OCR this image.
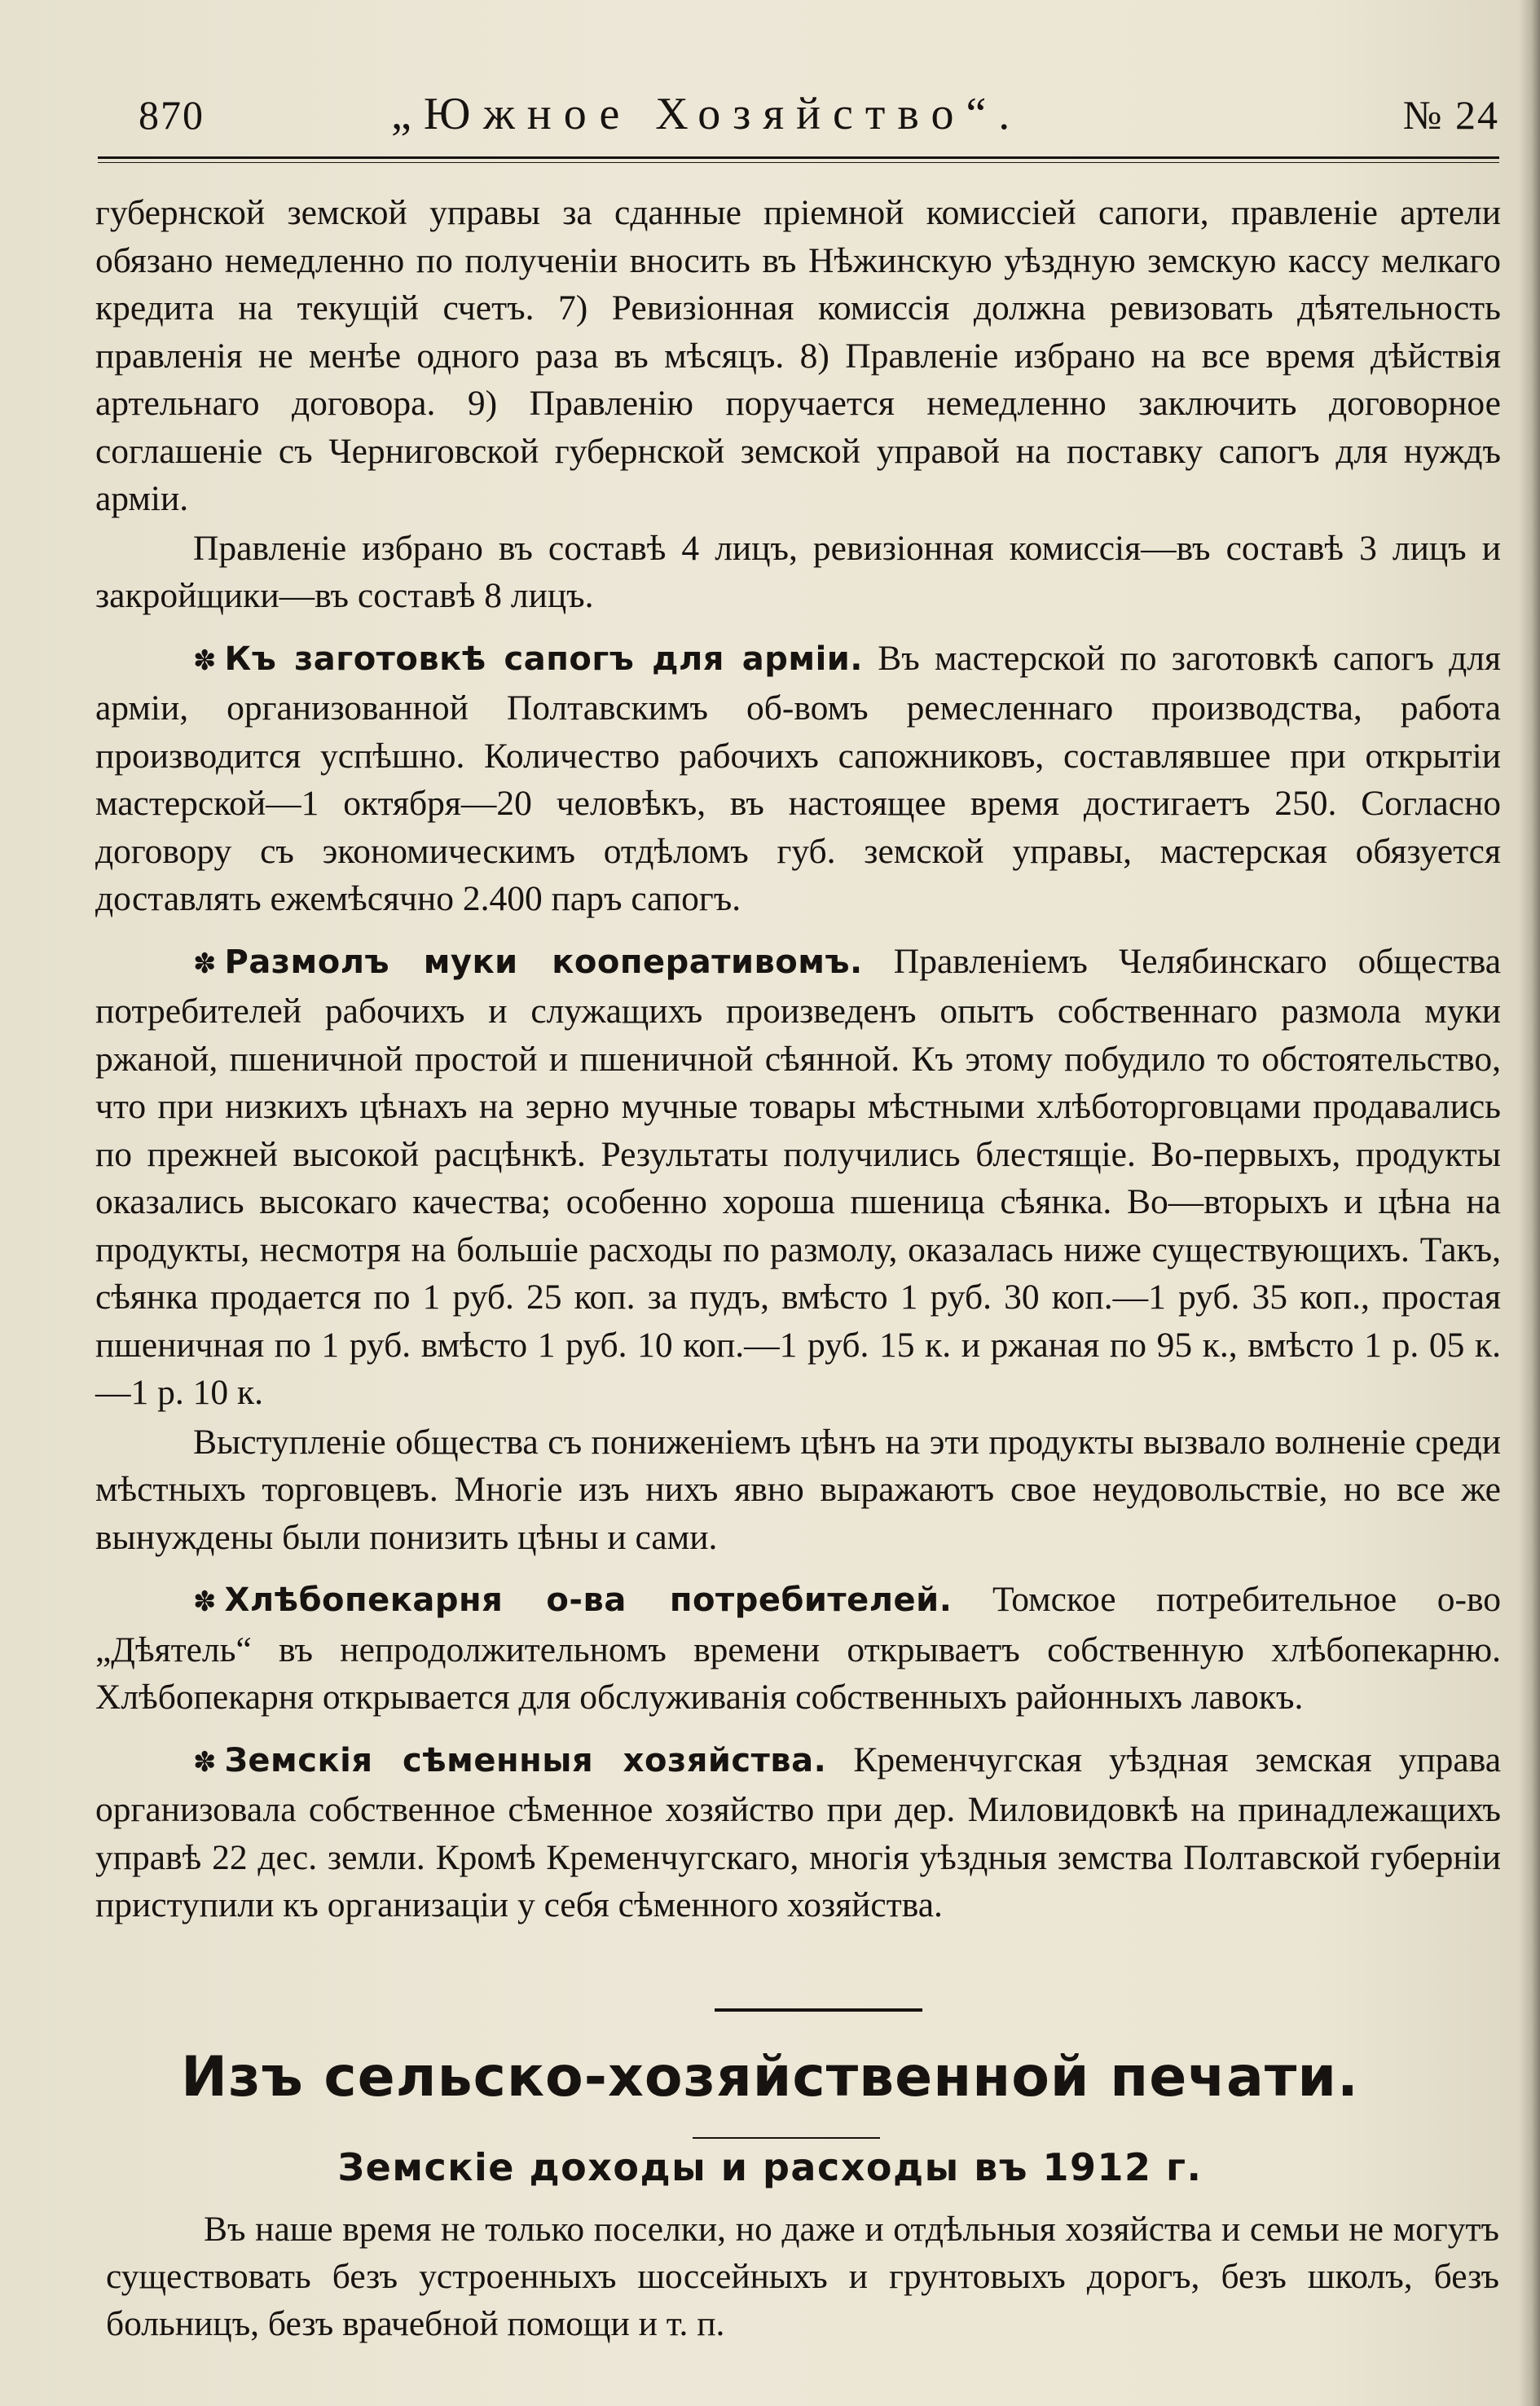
870	„Южное Хозяйство“.	№ 24

губернской земской управы за сданные пріемной комиссіей сапоги, правленіе артели обязано немедленно по полученіи вносить въ Нѣжинскую уѣздную земскую кассу мелкаго кредита на текущій счетъ. 7) Ревизіонная комиссія должна ревизовать дѣятельность правленія не менѣе одного раза въ мѣсяцъ. 8) Правленіе избрано на все время дѣйствія артельнаго договора. 9) Правленію поручается немедленно заключить договорное соглашеніе съ Черниговской губернской земской управой на поставку сапогъ для нуждъ арміи.

Правленіе избрано въ составѣ 4 лицъ, ревизіонная комиссія—въ составѣ 3 лицъ и закройщики—въ составѣ 8 лицъ.

✽ Къ заготовкѣ сапогъ для арміи. Въ мастерской по заготовкѣ сапогъ для арміи, организованной Полтавскимъ об-вомъ ремесленнаго производства, работа производится успѣшно. Количество рабочихъ сапожниковъ, составлявшее при открытіи мастерской—1 октября—20 человѣкъ, въ настоящее время достигаетъ 250. Согласно договору съ экономическимъ отдѣломъ губ. земской управы, мастерская обязуется доставлять ежемѣсячно 2.400 паръ сапогъ.

✽ Размолъ муки кооперативомъ. Правленіемъ Челябинскаго общества потребителей рабочихъ и служащихъ произведенъ опытъ собственнаго размола муки ржаной, пшеничной простой и пшеничной сѣянной. Къ этому побудило то обстоятельство, что при низкихъ цѣнахъ на зерно мучные товары мѣстными хлѣботорговцами продавались по прежней высокой расцѣнкѣ. Результаты получились блестящіе. Во-первыхъ, продукты оказались высокаго качества; особенно хороша пшеница сѣянка. Во—вторыхъ и цѣна на продукты, несмотря на большіе расходы по размолу, оказалась ниже существующихъ. Такъ, сѣянка продается по 1 руб. 25 коп. за пудъ, вмѣсто 1 руб. 30 коп.—1 руб. 35 коп., простая пшеничная по 1 руб. вмѣсто 1 руб. 10 коп.—1 руб. 15 к. и ржаная по 95 к., вмѣсто 1 р. 05 к.—1 р. 10 к.

Выступленіе общества съ пониженіемъ цѣнъ на эти продукты вызвало волненіе среди мѣстныхъ торговцевъ. Многіе изъ нихъ явно выражаютъ свое неудовольствіе, но все же вынуждены были понизить цѣны и сами.

✽ Хлѣбопекарня о-ва потребителей. Томское потребительное о-во „Дѣятель“ въ непродолжительномъ времени открываетъ собственную хлѣбопекарню. Хлѣбопекарня открывается для обслуживанія собственныхъ районныхъ лавокъ.

✽ Земскія сѣменныя хозяйства. Кременчугская уѣздная земская управа организовала собственное сѣменное хозяйство при дер. Миловидовкѣ на принадлежащихъ управѣ 22 дес. земли. Кромѣ Кременчугскаго, многія уѣздныя земства Полтавской губерніи приступили къ организаціи у себя сѣменного хозяйства.

Изъ сельско-хозяйственной печати.
Земскіе доходы и расходы въ 1912 г.

Въ наше время не только поселки, но даже и отдѣльныя хозяйства и семьи не могутъ существовать безъ устроенныхъ шоссейныхъ и грунтовыхъ дорогъ, безъ школъ, безъ больницъ, безъ врачебной помощи и т. п.
